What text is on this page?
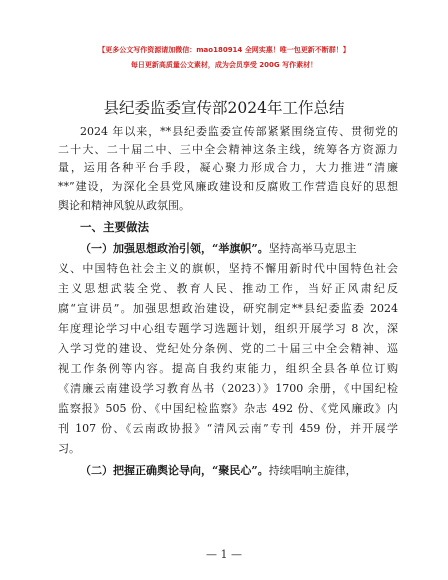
【更多公文写作资源请加微信：mao180914 全网实惠！唯一包更新不断群！】
每日更新高质量公文素材，成为会员享受 200G 写作素材！
县纪委监委宣传部2024年工作总结
2024 年以来，**县纪委监委宣传部紧紧围绕宣传、贯彻党的
二十大、二十届二中、三中全会精神这条主线，统筹各方资源力
量，运用各种平台手段，凝心聚力形成合力，大力推进“清廉
**”建设，为深化全县党风廉政建设和反腐败工作营造良好的思想
舆论和精神风貌从政氛围。
一、主要做法
（一）加强思想政治引领，“举旗帜”。坚持高举马克思主
义、中国特色社会主义的旗帜，坚持不懈用新时代中国特色社会
主义思想武装全党、教育人民、推动工作，当好正风肃纪反
腐“宣讲员”。加强思想政治建设，研究制定**县纪委监委 2024
年度理论学习中心组专题学习选题计划，组织开展学习 8 次，深
入学习党的建设、党纪处分条例、党的二十届三中全会精神、巡
视工作条例等内容。提高自我约束能力，组织全县各单位订购
《清廉云南建设学习教育丛书（2023）》1700 余册，《中国纪检
监察报》505 份、《中国纪检监察》杂志 492 份、《党风廉政》内
刊 107 份、《云南政协报》“清风云南”专刊 459 份，并开展学
习。
（二）把握正确舆论导向，“聚民心”。持续唱响主旋律，
— 1 —
